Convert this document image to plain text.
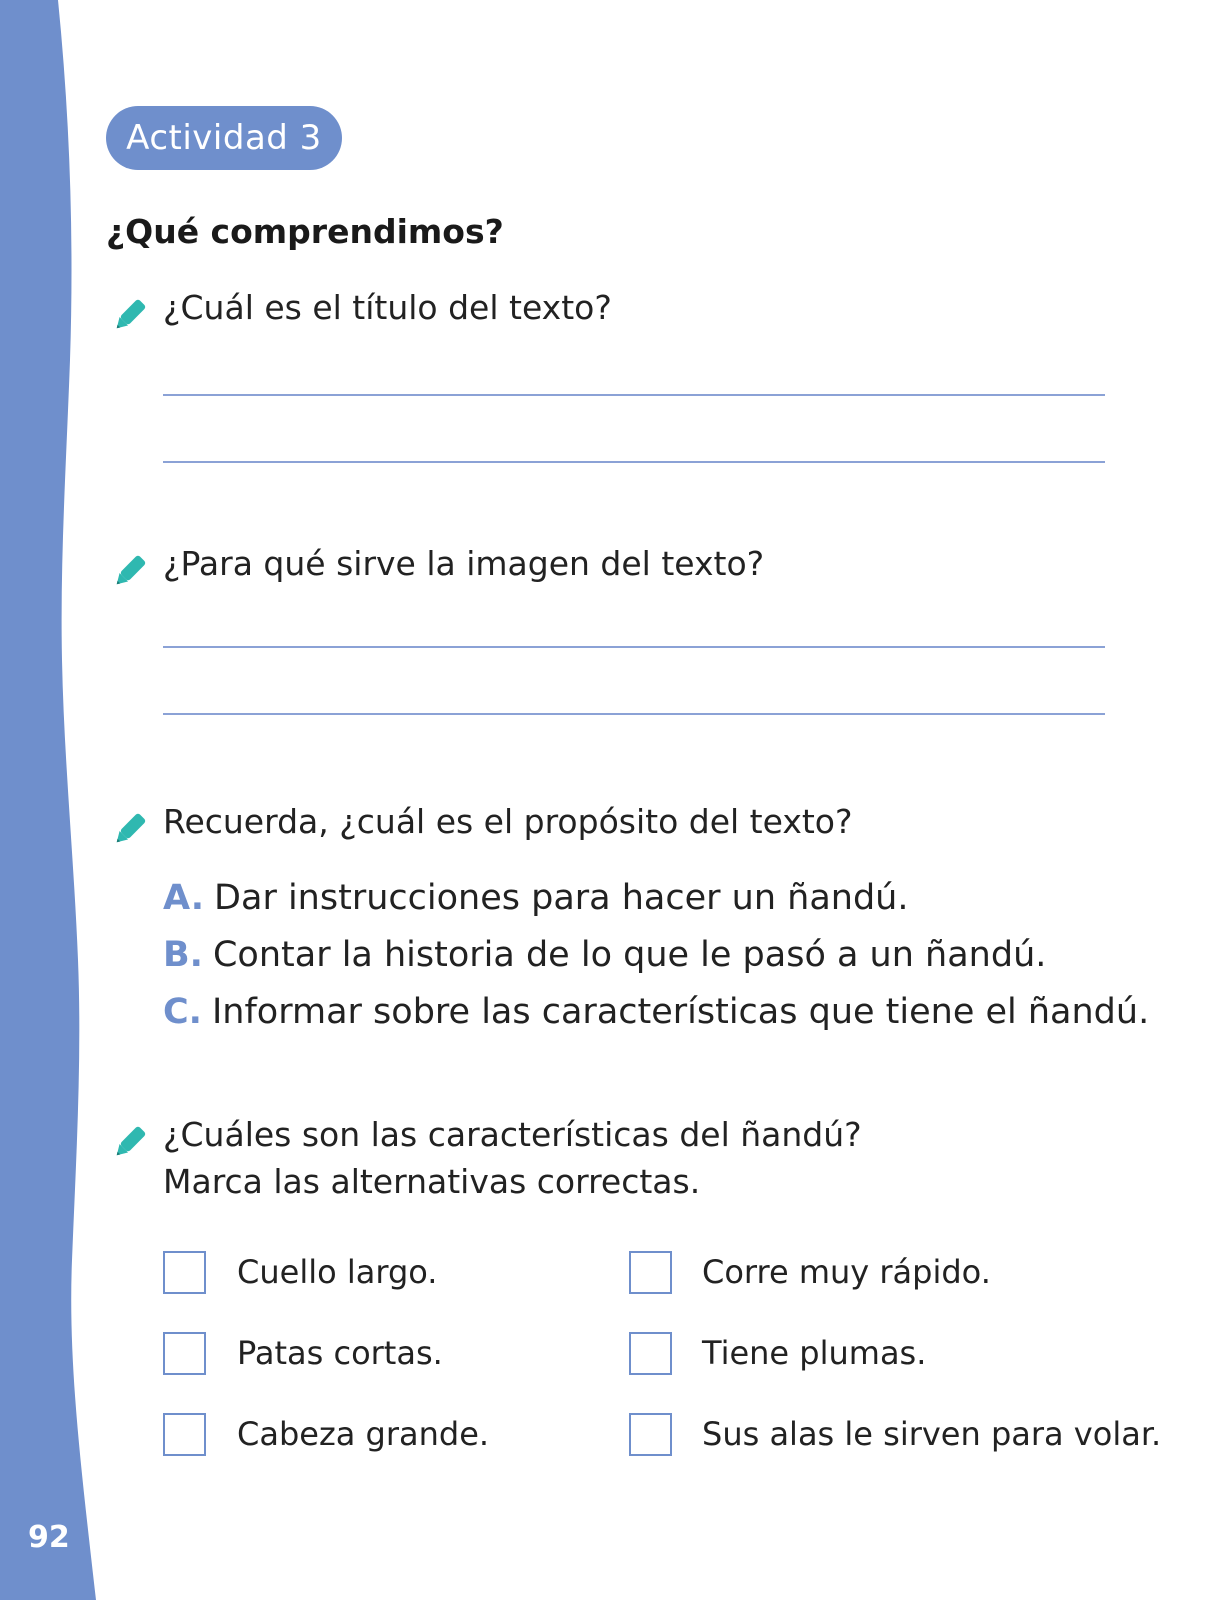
92
Actividad 3
¿Qué comprendimos?
¿Cuál es el título del texto?
¿Para qué sirve la imagen del texto?
Recuerda, ¿cuál es el propósito del texto?
A. Dar instrucciones para hacer un ñandú.
B. Contar la historia de lo que le pasó a un ñandú.
C. Informar sobre las características que tiene el ñandú.
¿Cuáles son las características del ñandú?
Marca las alternativas correctas.
Cuello largo.	Corre muy rápido.
Patas cortas.	Tiene plumas.
Cabeza grande.	Sus alas le sirven para volar.
